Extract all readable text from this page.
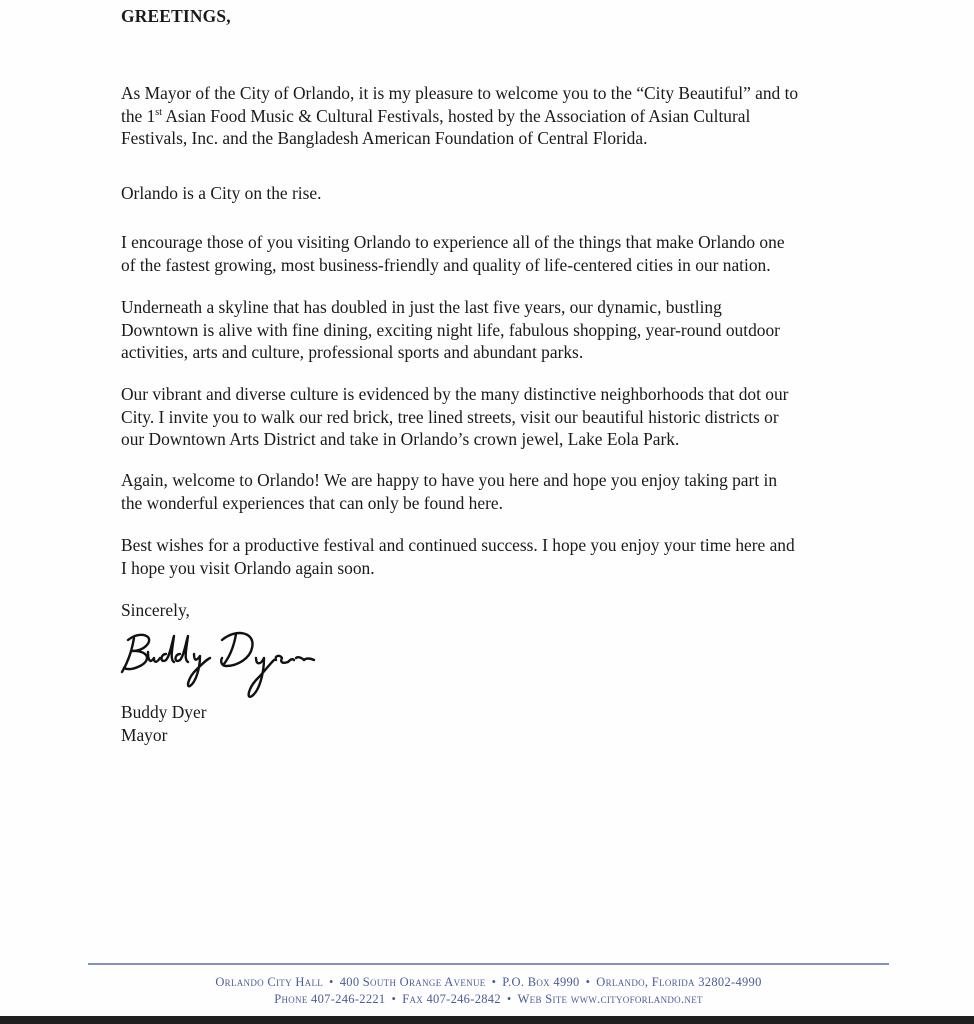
GREETINGS,

As Mayor of the City of Orlando, it is my pleasure to welcome you to the “City Beautiful” and to
the 1st Asian Food Music & Cultural Festivals, hosted by the Association of Asian Cultural
Festivals, Inc. and the Bangladesh American Foundation of Central Florida.

Orlando is a City on the rise.

I encourage those of you visiting Orlando to experience all of the things that make Orlando one
of the fastest growing, most business-friendly and quality of life-centered cities in our nation.

Underneath a skyline that has doubled in just the last five years, our dynamic, bustling
Downtown is alive with fine dining, exciting night life, fabulous shopping, year-round outdoor
activities, arts and culture, professional sports and abundant parks.

Our vibrant and diverse culture is evidenced by the many distinctive neighborhoods that dot our
City. I invite you to walk our red brick, tree lined streets, visit our beautiful historic districts or
our Downtown Arts District and take in Orlando’s crown jewel, Lake Eola Park.

Again, welcome to Orlando! We are happy to have you here and hope you enjoy taking part in
the wonderful experiences that can only be found here.

Best wishes for a productive festival and continued success. I hope you enjoy your time here and
I hope you visit Orlando again soon.

Sincerely,

Buddy Dyer

Buddy Dyer
Mayor

Orlando City Hall • 400 South Orange Avenue • P.O. Box 4990 • Orlando, Florida 32802-4990
Phone 407-246-2221 • Fax 407-246-2842 • Web Site www.cityoforlando.net
